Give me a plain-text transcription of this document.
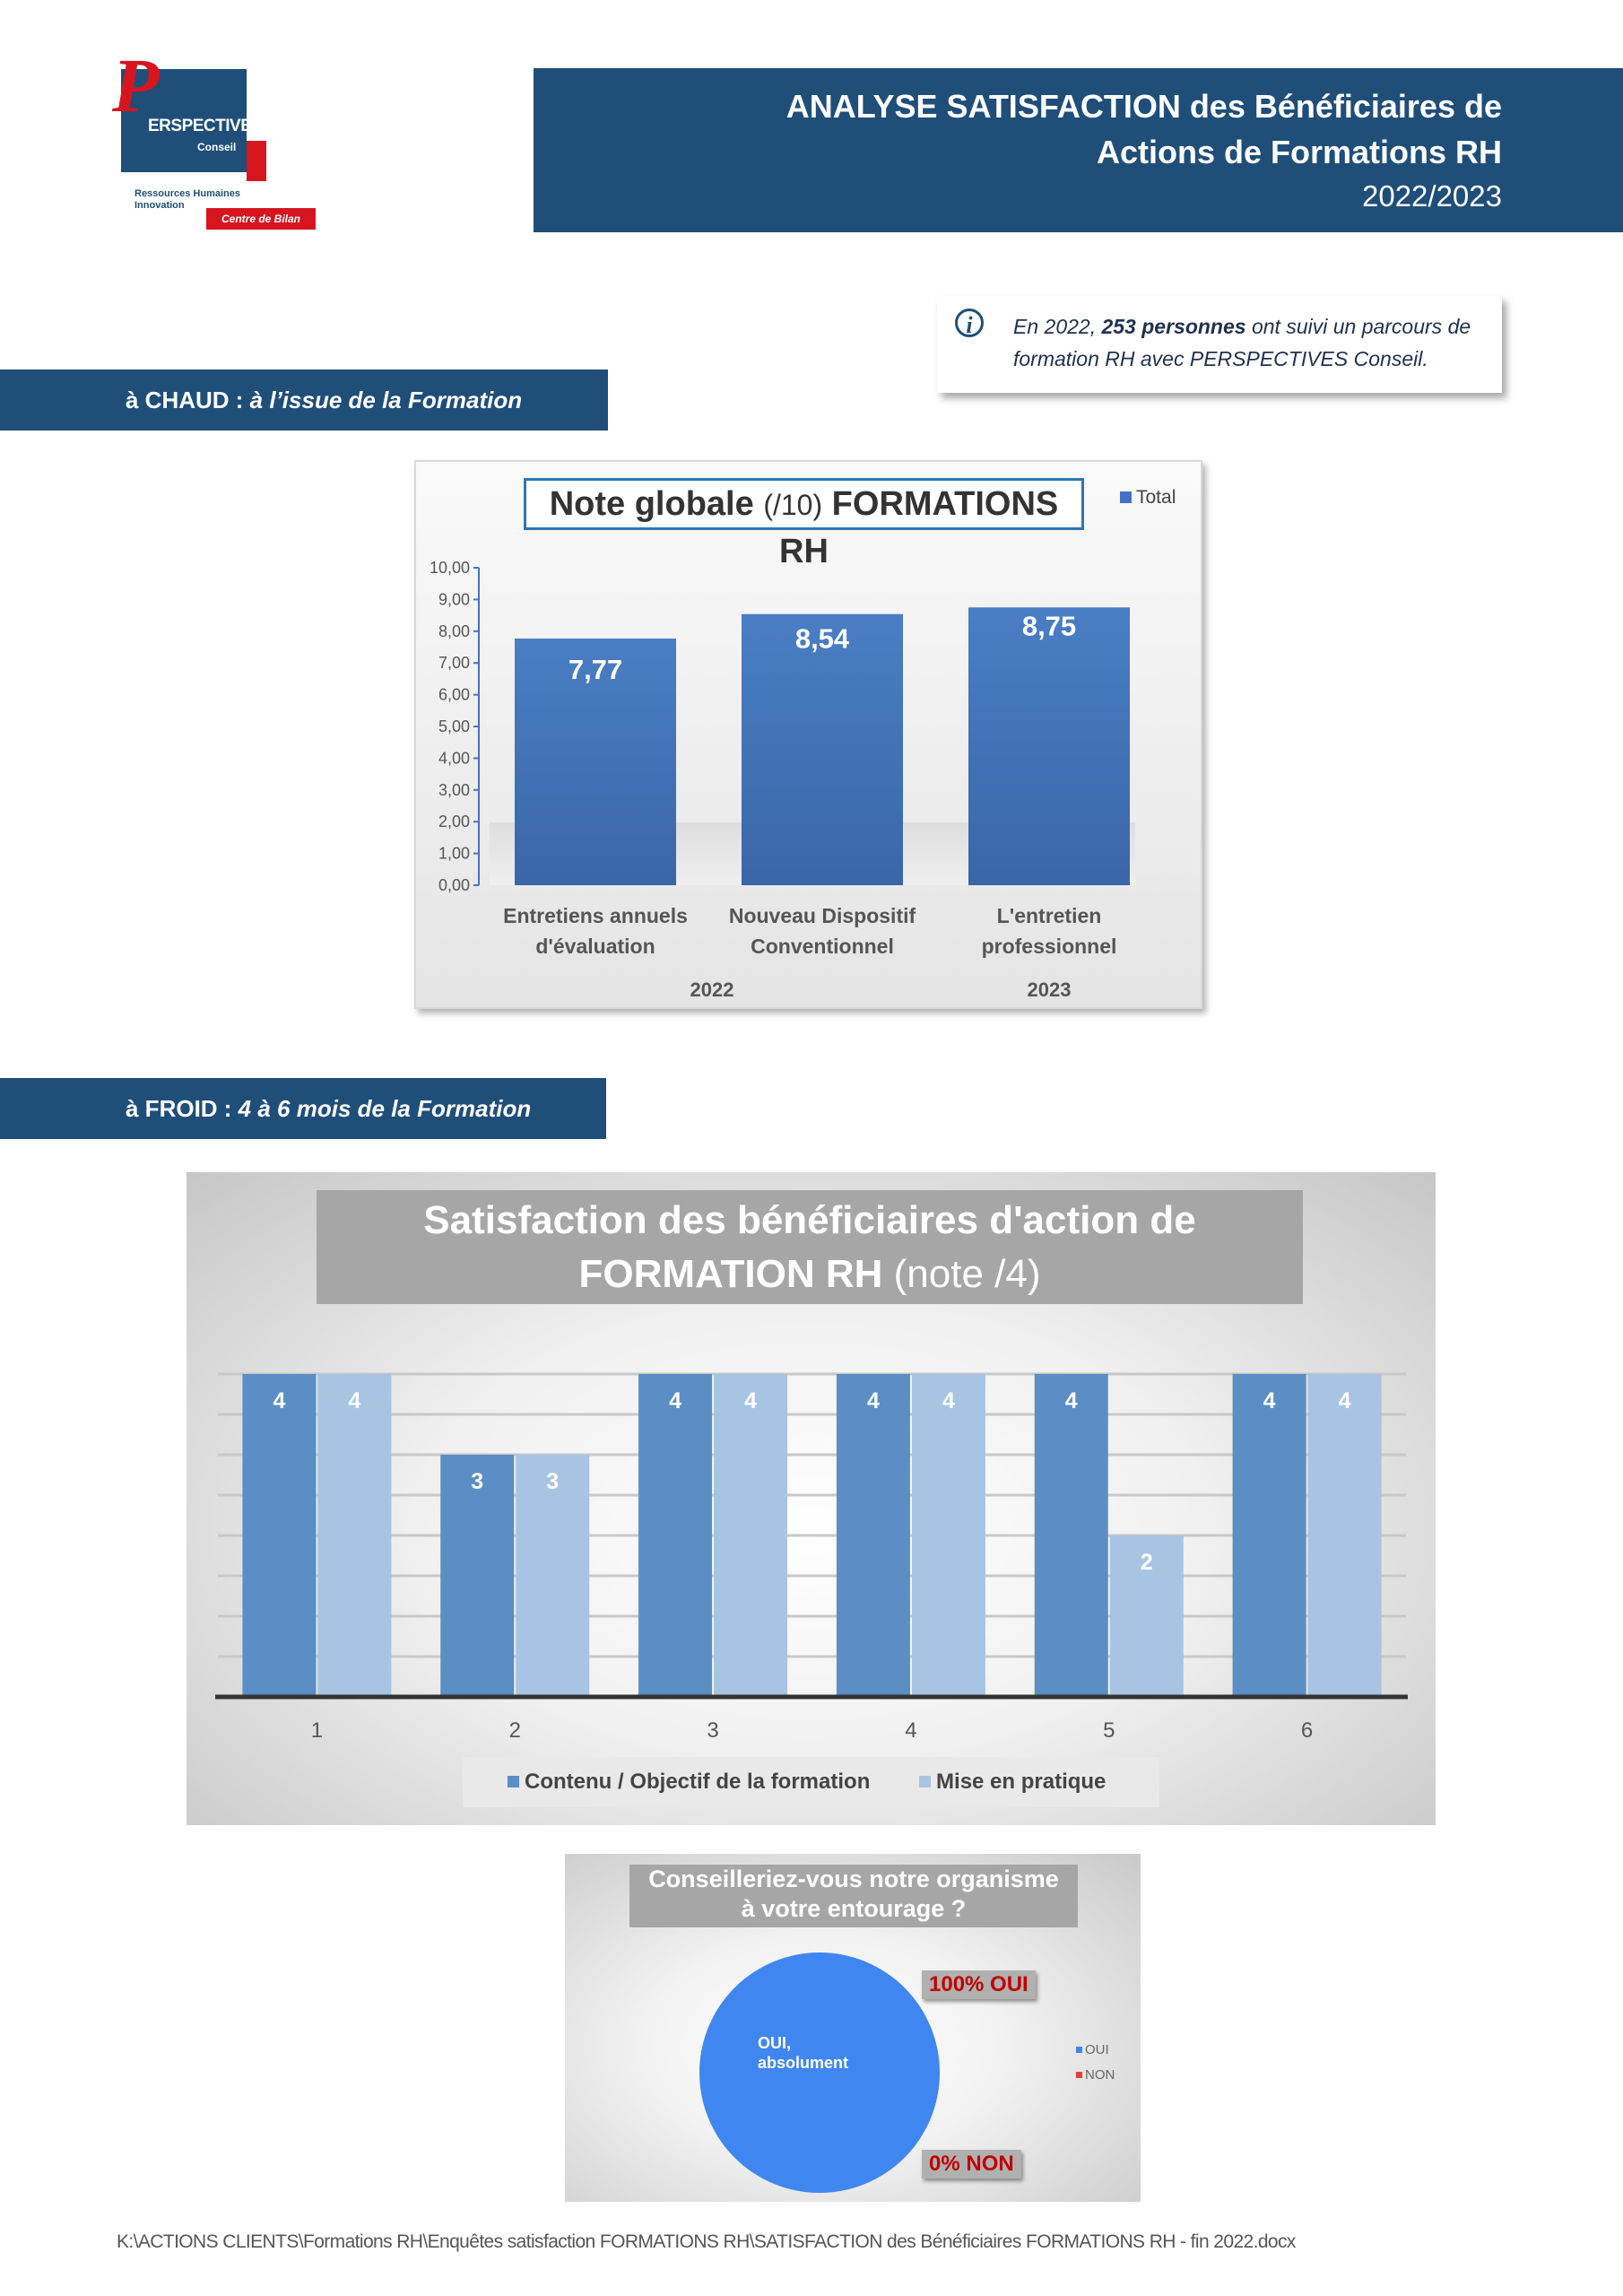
P
ERSPECTIVES
Conseil
Ressources Humaines
Innovation
Centre de Bilan
ANALYSE SATISFACTION des Bénéficiaires de
Actions de Formations RH
2022/2023
i	En 2022, 253 personnes ont suivi un parcours de formation RH avec PERSPECTIVES Conseil.
à CHAUD : à l’issue de la Formation
Note globale (/10) FORMATIONS RH
Total
0,00
1,00
2,00
3,00
4,00
5,00
6,00
7,00
8,00
9,00
10,00
7,77
Entretiens annuels
d'évaluation
8,54
Nouveau Dispositif
Conventionnel
8,75
L'entretien
professionnel
2022	2023
à FROID : 4 à 6 mois de la Formation
Satisfaction des bénéficiaires d'action de FORMATION RH (note /4)
4	4
1
3	3
2
4	4
3
4	4
4
4
2
5
4	4
6
Contenu / Objectif de la formation	Mise en pratique
Conseilleriez-vous notre organisme
à votre entourage ?
OUI,
absolument
100% OUI
0% NON
OUI
NON
K:\ACTIONS CLIENTS\Formations RH\Enquêtes satisfaction FORMATIONS RH\SATISFACTION des Bénéficiaires FORMATIONS RH - fin 2022.docx
